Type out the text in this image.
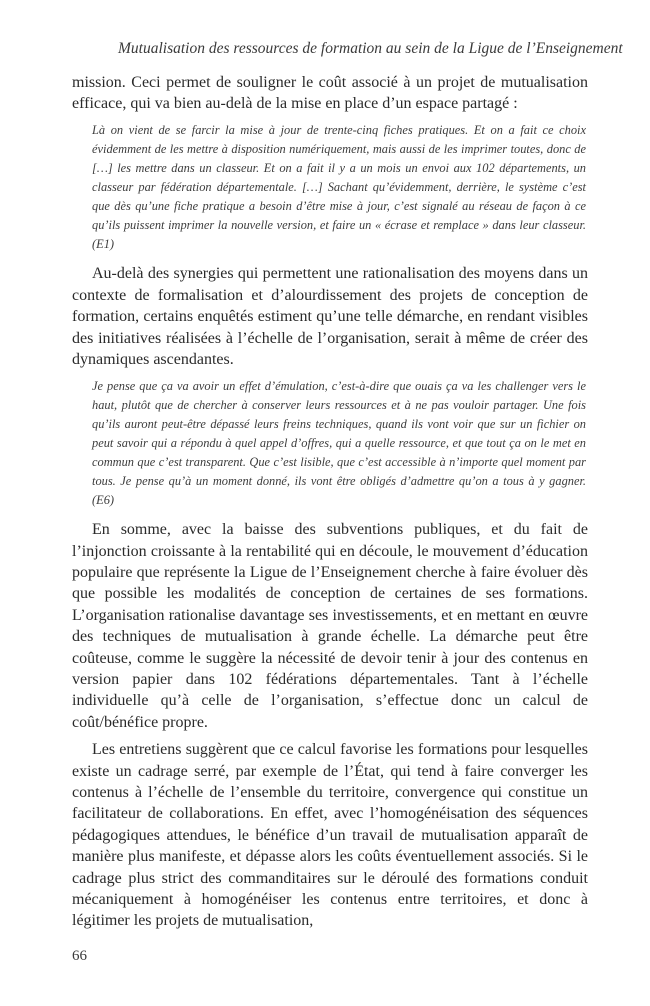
Mutualisation des ressources de formation au sein de la Ligue de l’Enseignement

mission. Ceci permet de souligner le coût associé à un projet de mutualisation efficace, qui va bien au-delà de la mise en place d’un espace partagé :

Là on vient de se farcir la mise à jour de trente-cinq fiches pratiques. Et on a fait ce choix évidemment de les mettre à disposition numériquement, mais aussi de les imprimer toutes, donc de […] les mettre dans un classeur. Et on a fait il y a un mois un envoi aux 102 départements, un classeur par fédération départementale. […] Sachant qu’évidemment, derrière, le système c’est que dès qu’une fiche pratique a besoin d’être mise à jour, c’est signalé au réseau de façon à ce qu’ils puissent imprimer la nouvelle version, et faire un « écrase et remplace » dans leur classeur. (E1)

Au-delà des synergies qui permettent une rationalisation des moyens dans un contexte de formalisation et d’alourdissement des projets de conception de formation, certains enquêtés estiment qu’une telle démarche, en rendant visibles des initiatives réalisées à l’échelle de l’organisation, serait à même de créer des dynamiques ascendantes.

Je pense que ça va avoir un effet d’émulation, c’est-à-dire que ouais ça va les challenger vers le haut, plutôt que de chercher à conserver leurs ressources et à ne pas vouloir partager. Une fois qu’ils auront peut-être dépassé leurs freins techniques, quand ils vont voir que sur un fichier on peut savoir qui a répondu à quel appel d’offres, qui a quelle ressource, et que tout ça on le met en commun que c’est transparent. Que c’est lisible, que c’est accessible à n’importe quel moment par tous. Je pense qu’à un moment donné, ils vont être obligés d’admettre qu’on a tous à y gagner. (E6)

En somme, avec la baisse des subventions publiques, et du fait de l’injonction croissante à la rentabilité qui en découle, le mouvement d’éducation populaire que représente la Ligue de l’Enseignement cherche à faire évoluer dès que possible les modalités de conception de certaines de ses formations. L’organisation rationalise davantage ses investissements, et en mettant en œuvre des techniques de mutualisation à grande échelle. La démarche peut être coûteuse, comme le suggère la nécessité de devoir tenir à jour des contenus en version papier dans 102 fédérations départementales. Tant à l’échelle individuelle qu’à celle de l’organisation, s’effectue donc un calcul de coût/bénéfice propre.

Les entretiens suggèrent que ce calcul favorise les formations pour lesquelles existe un cadrage serré, par exemple de l’État, qui tend à faire converger les contenus à l’échelle de l’ensemble du territoire, convergence qui constitue un facilitateur de collaborations. En effet, avec l’homogénéisation des séquences pédagogiques attendues, le bénéfice d’un travail de mutualisation apparaît de manière plus manifeste, et dépasse alors les coûts éventuellement associés. Si le cadrage plus strict des commanditaires sur le déroulé des formations conduit mécaniquement à homogénéiser les contenus entre territoires, et donc à légitimer les projets de mutualisation,

66
